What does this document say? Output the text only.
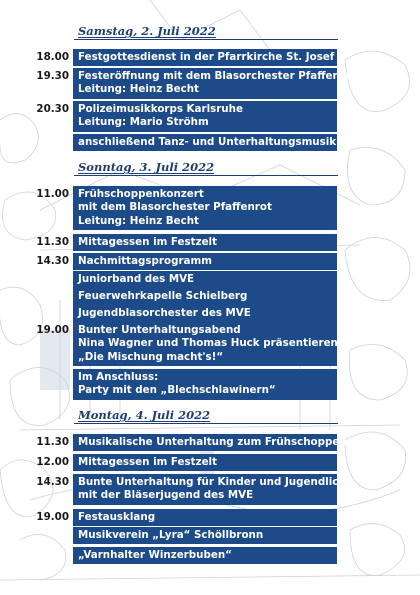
Samstag, 2. Juli 2022
18.00 Festgottesdienst in der Pfarrkirche St. Josef
19.30 Festeröffnung mit dem Blasorchester Pfaffenrot
Leitung: Heinz Becht
20.30 Polizeimusikkorps Karlsruhe
Leitung: Mario Ströhm
anschließend Tanz- und Unterhaltungsmusik
Sonntag, 3. Juli 2022
11.00 Frühschoppenkonzert
mit dem Blasorchester Pfaffenrot
Leitung: Heinz Becht
11.30 Mittagessen im Festzelt
14.30 Nachmittagsprogramm
Juniorband des MVE
Feuerwehrkapelle Schielberg
Jugendblasorchester des MVE
19.00 Bunter Unterhaltungsabend
Nina Wagner und Thomas Huck präsentieren
„Die Mischung macht's!“
Im Anschluss:
Party mit den „Blechschlawinern“
Montag, 4. Juli 2022
11.30 Musikalische Unterhaltung zum Frühschoppen
12.00 Mittagessen im Festzelt
14.30 Bunte Unterhaltung für Kinder und Jugendliche
mit der Bläserjugend des MVE
19.00 Festausklang
Musikverein „Lyra“ Schöllbronn
„Varnhalter Winzerbuben“
